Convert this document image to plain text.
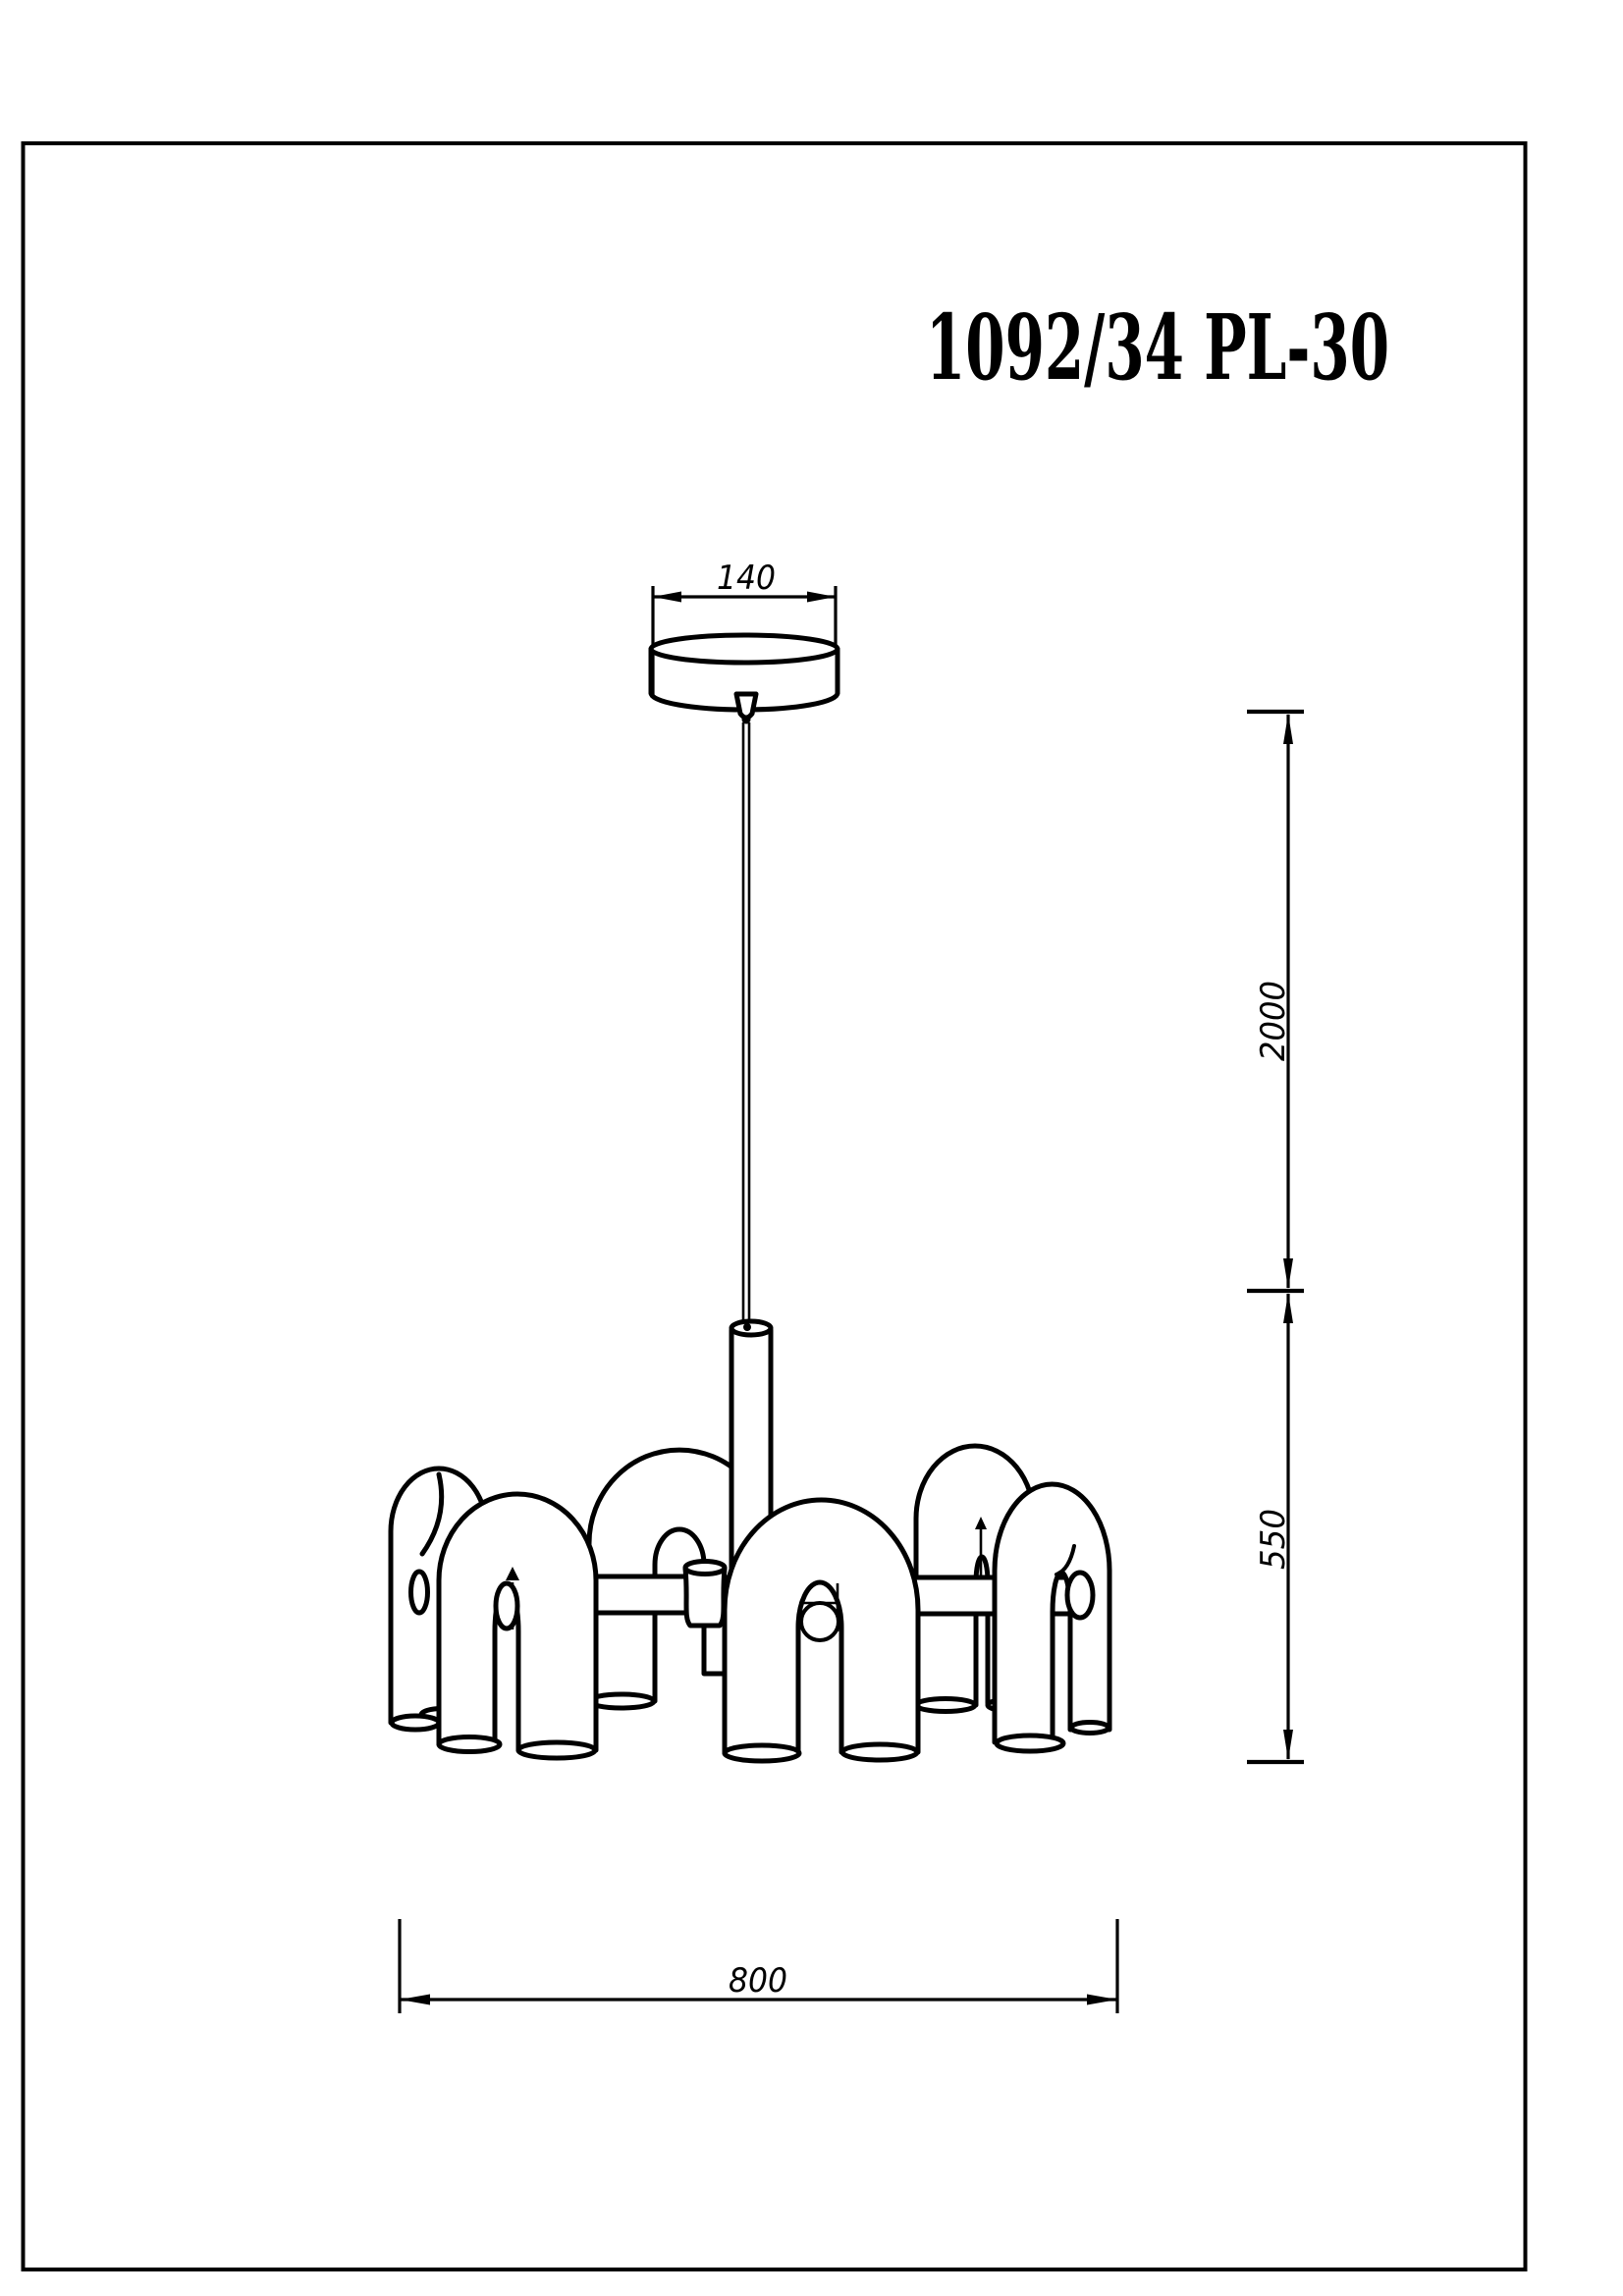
1092/34 PL-30
140
2000
550
800
